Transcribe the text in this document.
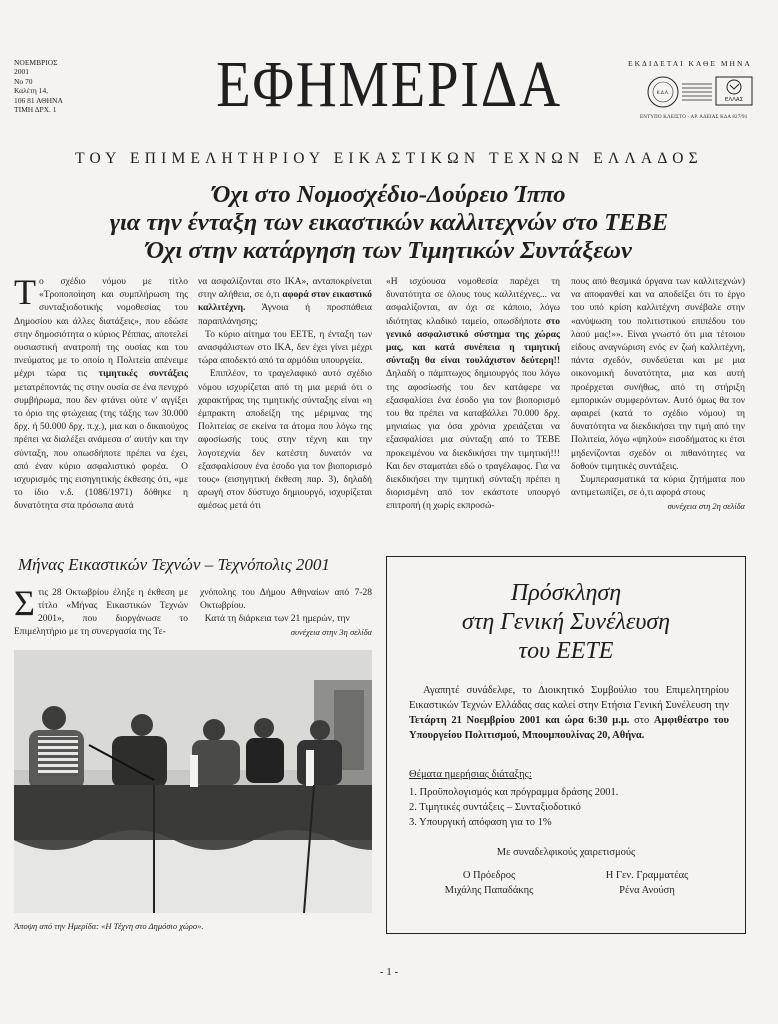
ΝΟΕΜΒΡΙΟΣ
2001
Νο 70
Καλέτη 14,
106 81 ΑΘΗΝΑ
ΤΙΜΗ ΔΡΧ. 1	ΕΦΗΜΕΡΙΔΑ	ΕΚΔΙΔΕΤΑΙ ΚΑΘΕ ΜΗΝΑ
Κ.Δ.Α.
ΕΛΛΑΣ
ΕΝΤΥΠΟ ΚΛΕΙΣΤΟ - ΑΡ. ΑΔΕΙΑΣ ΚΔΑ 827/91
ΤΟΥ ΕΠΙΜΕΛΗΤΗΡΙΟΥ ΕΙΚΑΣΤΙΚΩΝ ΤΕΧΝΩΝ ΕΛΛΑΔΟΣ
Όχι στο Νομοσχέδιο-Δούρειο Ίππο
για την ένταξη των εικαστικών καλλιτεχνών στο ΤΕΒΕ
Όχι στην κατάργηση των Τιμητικών Συντάξεων

Το σχέδιο νόμου με τίτλο «Τροποποίηση και συμπλήρωση της συνταξιοδοτικής νομοθεσίας του Δημοσίου και άλλες διατάξεις», που εδώσε στην δημοσιότητα ο κύριος Ρέππας, αποτελεί ουσιαστική ανατροπή της ουσίας και του πνεύματος με το οποίο η Πολιτεία απένειμε μέχρι τώρα τις τιμητικές συντάξεις μετατρέποντάς τις στην ουσία σε ένα πενιχρό συμβήρωμα, που δεν φτάνει ούτε ν' αγγίξει το όριο της φτώχειας (της τάξης των 30.000 δρχ. ή 50.000 δρχ. π.χ.), μια και ο δικαιούχος πρέπει να διαλέξει ανάμεσα σ' αυτήν και την σύνταξη, που οπωσδήποτε πρέπει να έχει, από έναν κύριο ασφαλιστικό φορέα.  Ο ισχυρισμός της εισηγητικής έκθεσης ότι, «με το ίδιο ν.δ. (1086/1971) δόθηκε η δυνατότητα στα πρόσωπα αυτά

να ασφαλίζονται στο ΙΚΑ», ανταποκρίνεται στην αλήθεια, σε ό,τι αφορά στον εικαστικό καλλιτέχνη. Άγνοια ή προσπάθεια παραπλάνησης;
Το κύριο αίτημα του ΕΕΤΕ, η ένταξη των ανασφάλιστων στο ΙΚΑ, δεν έχει γίνει μέχρι τώρα αποδεκτό από τα αρμόδια υπουργεία.
Επιπλέον, το τραγελαφικό αυτό σχέδιο νόμου ισχυρίζεται από τη μια μεριά ότι ο χαρακτήρας της τιμητικής σύνταξης είναι «η έμπρακτη αποδείξη της μέριμνας της Πολιτείας σε εκείνα τα άτομα που λόγω της αφοσίωσής τους στην τέχνη και την λογοτεχνία δεν κατέστη δυνατόν να εξασφαλίσουν ένα έσοδο για τον βιοπορισμό τους» (εισηγητική έκθεση παρ. 3), δηλαδή αρωγή στον δύστυχο δημιουργό, ισχυρίζεται αμέσως μετά ότι

«Η ισχύουσα νομοθεσία παρέχει τη δυνατότητα σε όλους τους καλλιτέχνες... να ασφαλίζονται, αν όχι σε κάποιο, λόγω ιδιότητας κλαδικό ταμείο, οπωσδήποτε στο γενικό ασφαλιστικό σύστημα της χώρας μας, και κατά συνέπεια η τιμητική σύνταξη θα είναι τουλάχιστον δεύτερη!! Δηλαδή ο πάμπτωχος δημιουργός που λόγω της αφοσίωσής του δεν κατάφερε να εξασφαλίσει ένα έσοδο για τον βιοπορισμό του θα πρέπει να καταβάλλει 70.000 δρχ. μηνιαίως για όσα χρόνια χρειάζεται να εξασφαλίσει μια σύνταξη από το ΤΕΒΕ προκειμένου να διεκδικήσει την τιμητική!!! Και δεν σταματάει εδώ ο τραγέλαφος. Για να διεκδικήσει την τιμητική σύνταξη πρέπει η διορισμένη από τον εκάστοτε υπουργό επιτροπή (η χωρίς εκπροσώ-

πους από θεσμικά όργανα των καλλιτεχνών) να αποφανθεί και να αποδείξει ότι το έργο του υπό κρίση καλλιτέχνη συνέβαλε στην «ανύψωση του πολιτιστικού επιπέδου του λαού μας!»». Είναι γνωστό ότι μια τέτοιου είδους αναγνώριση ενός εν ζωή καλλιτέχνη, πάντα σχεδόν, συνδεύεται και με μια οικονομική δυνατότητα, μια και αυτή προέρχεται συνήθως, από τη στήριξη εμπορικών συμφερόντων. Αυτό όμως θα τον αφαιρεί (κατά το σχέδιο νόμου) τη δυνατότητα να διεκδικήσει την τιμή από την Πολιτεία, λόγω «ψηλού» εισοδήματος κι έτσι μηδενίζονται σχεδόν οι πιθανότητες να δοθούν τιμητικές συντάξεις.
Συμπερασματικά τα κύρια ζητήματα που αντιμετωπίζει, σε ό,τι αφορά στους

συνέχεια στη 2η σελίδα

Μήνας Εικαστικών Τεχνών – Τεχνόπολις 2001

Στις 28 Οκτωβρίου έληξε η έκθεση με τίτλο «Μήνας Εικαστικών Τεχνών 2001», που διοργάνωσε το Επιμελητήριο με τη συνεργασία της Τε-

χνόπολης του Δήμου Αθηναίων από 7-28 Οκτωβρίου.

Κατά τη διάρκεια των 21 ημερών, την

συνέχεια στην 3η σελίδα

Άποψη από την Ημερίδα: «Η Τέχνη στο Δημόσιο χώρο».
Πρόσκληση
στη Γενική Συνέλευση
του ΕΕΤΕ
Αγαπητέ συνάδελφε, το Διοικητικό Συμβούλιο του Επιμελητηρίου Εικαστικών Τεχνών Ελλάδας σας καλεί στην Ετήσια Γενική Συνέλευση την Τετάρτη 21 Νοεμβρίου 2001 και ώρα 6:30 μ.μ. στο Αμφιθέατρο του Υπουργείου Πολιτισμού, Μπουμπουλίνας 20, Αθήνα.

Θέματα ημερήσιας διάταξης:

1. Προϋπολογισμός και πρόγραμμα δράσης 2001.

2. Τιμητικές συντάξεις – Συνταξιοδοτικό

3. Υπουργική απόφαση για το 1%

Με συναδελφικούς χαιρετισμούς
Ο Πρόεδρος
Μιχάλης Παπαδάκης
Η Γεν. Γραμματέας
Ρένα Ανούση
- 1 -
